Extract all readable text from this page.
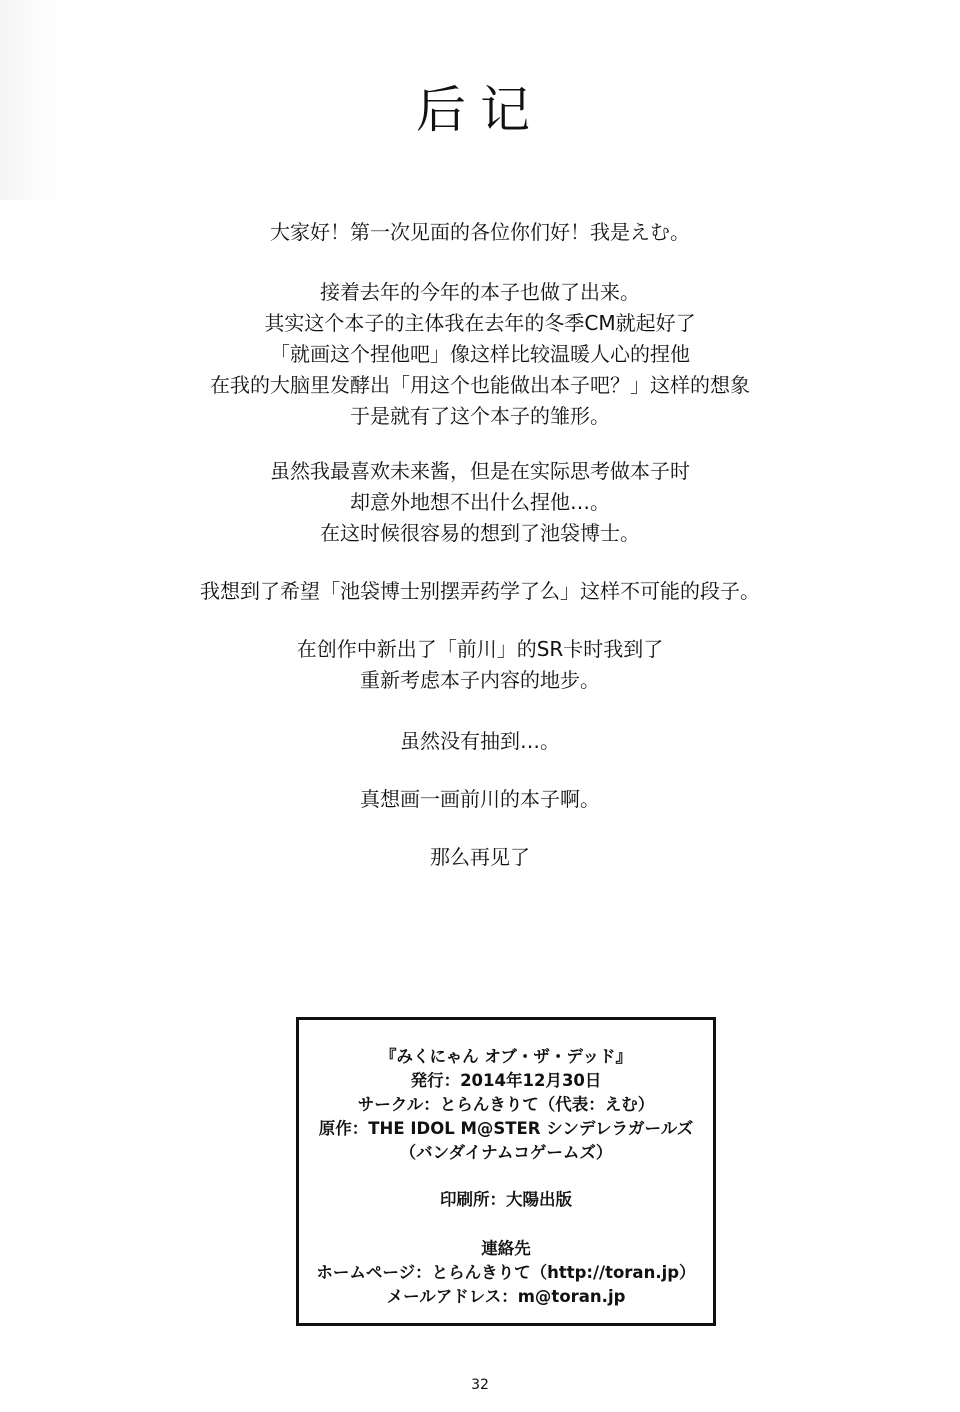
后记
大家好！第一次见面的各位你们好！我是えむ。
接着去年的今年的本子也做了出来。
其实这个本子的主体我在去年的冬季CM就起好了
「就画这个捏他吧」像这样比较温暖人心的捏他
在我的大脑里发酵出「用这个也能做出本子吧？」这样的想象
于是就有了这个本子的雏形。
虽然我最喜欢未来酱，但是在实际思考做本子时
却意外地想不出什么捏他…。
在这时候很容易的想到了池袋博士。
我想到了希望「池袋博士别摆弄药学了么」这样不可能的段子。
在创作中新出了「前川」的SR卡时我到了
重新考虑本子内容的地步。
虽然没有抽到…。
真想画一画前川的本子啊。
那么再见了
『みくにゃん オブ・ザ・デッド』
発行：2014年12月30日
サークル：とらんきりて（代表：えむ）
原作：THE IDOL M@STER シンデレラガールズ
（バンダイナムコゲームズ）
印刷所：大陽出版
連絡先
ホームページ：とらんきりて（http://toran.jp）
メールアドレス：m@toran.jp
32
